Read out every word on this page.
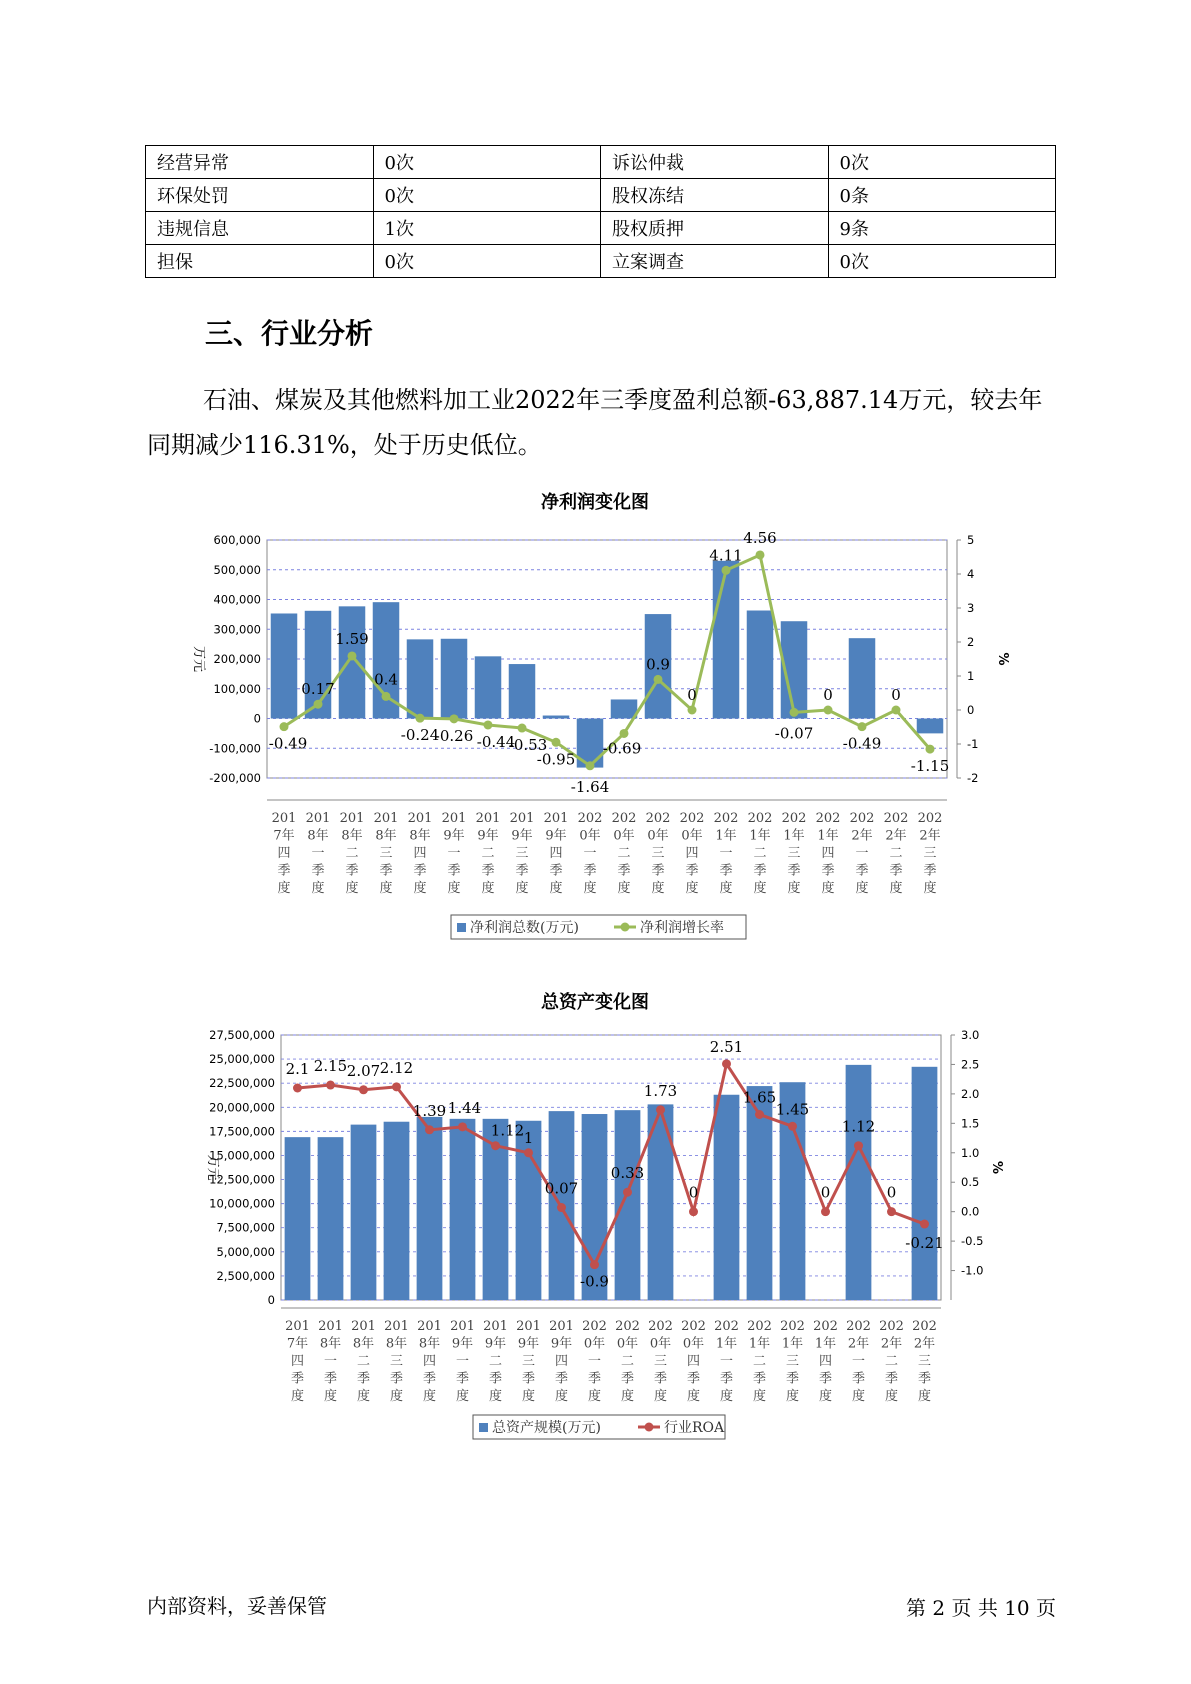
经营异常	0次	诉讼仲裁	0次
环保处罚	0次	股权冻结	0条
违规信息	1次	股权质押	9条
担保	0次	立案调查	0次
三、行业分析

石油、煤炭及其他燃料加工业2022年三季度盈利总额-63,887.14万元，较去年同期减少116.31%，处于历史低位。

净利润变化图
-200,000
-100,000
0
100,000
200,000
300,000
400,000
500,000
600,000
-2
-1
0
1
2
3
4
5
万元	%
-0.49
0.17
1.59
0.4
-0.24
-0.26 -0.44
-0.53
-0.95
-1.64
-0.69
0.9
0
4.11
4.56
-0.07
0
-0.49
0
-1.15
201
7年
四
季
度
201
8年
一
季
度
201
8年
二
季
度
201
8年
三
季
度
201
8年
四
季
度
201
9年
一
季
度
201
9年
二
季
度
201
9年
三
季
度
201
9年
四
季
度
202
0年
一
季
度
202
0年
二
季
度
202
0年
三
季
度
202
0年
四
季
度
202
1年
一
季
度
202
1年
二
季
度
202
1年
三
季
度
202
1年
四
季
度
202
2年
一
季
度
202
2年
二
季
度
202
2年
三
季
度
净利润总数(万元)	净利润增长率
总资产变化图
0
2,500,000
5,000,000
7,500,000
10,000,000
12,500,000
15,000,000
17,500,000
20,000,000
22,500,000
25,000,000
27,500,000
-1.0
-0.5
0.0
0.5
1.0
1.5
2.0
2.5
3.0
万元	%
2.1 2.15 2.07 2.12
1.39 1.44
1.12 1
0.07
-0.9
0.33
1.73
0
2.51
1.65
1.45
0
1.12
0
-0.21
201
7年
四
季
度
201
8年
一
季
度
201
8年
二
季
度
201
8年
三
季
度
201
8年
四
季
度
201
9年
一
季
度
201
9年
二
季
度
201
9年
三
季
度
201
9年
四
季
度
202
0年
一
季
度
202
0年
二
季
度
202
0年
三
季
度
202
0年
四
季
度
202
1年
一
季
度
202
1年
二
季
度
202
1年
三
季
度
202
1年
四
季
度
202
2年
一
季
度
202
2年
二
季
度
202
2年
三
季
度
总资产规模(万元)	行业ROA
内部资料，妥善保管	第 2 页 共 10 页
